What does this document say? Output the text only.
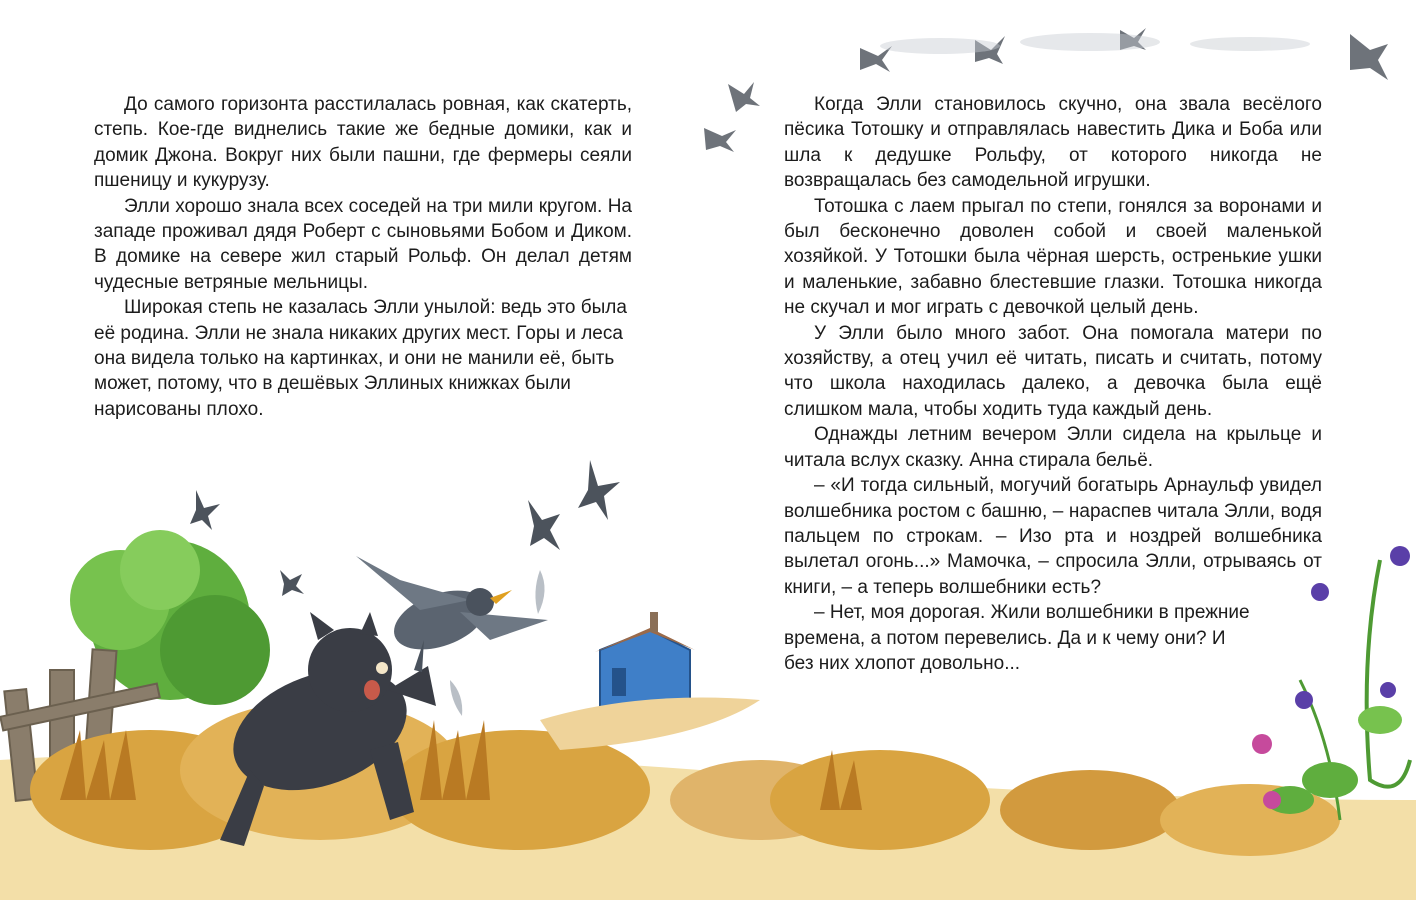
До самого горизонта расстилалась ровная, как скатерть, степь. Кое-где виднелись такие же бедные домики, как и домик Джона. Вокруг них были пашни, где фермеры сеяли пшеницу и кукурузу.

Элли хорошо знала всех соседей на три мили кругом. На западе проживал дядя Роберт с сыновьями Бобом и Диком. В домике на севере жил старый Рольф. Он делал детям чудесные ветряные мельницы.

Широкая степь не казалась Элли унылой: ведь это была её родина. Элли не знала никаких других мест. Горы и леса она видела только на картинках, и они не манили её, быть может, потому, что в дешёвых Эллиных книжках были нарисованы плохо.

Когда Элли становилось скучно, она звала весёлого пёсика Тотошку и отправлялась навестить Дика и Боба или шла к дедушке Рольфу, от которого никогда не возвращалась без самодельной игрушки.

Тотошка с лаем прыгал по степи, гонялся за воронами и был бесконечно доволен собой и своей маленькой хозяйкой. У Тотошки была чёрная шерсть, остренькие ушки и маленькие, забавно блестевшие глазки. Тотошка никогда не скучал и мог играть с девочкой целый день.

У Элли было много забот. Она помогала матери по хозяйству, а отец учил её читать, писать и считать, потому что школа находилась далеко, а девочка была ещё слишком мала, чтобы ходить туда каждый день.

Однажды летним вечером Элли сидела на крыльце и читала вслух сказку. Анна стирала бельё.

– «И тогда сильный, могучий богатырь Арнаульф увидел волшебника ростом с башню, – нараспев читала Элли, водя пальцем по строкам. – Изо рта и ноздрей волшебника вылетал огонь...» Мамочка, – спросила Элли, отрываясь от книги, – а теперь волшебники есть?

– Нет, моя дорогая. Жили волшебники в прежние времена, а потом перевелись. Да и к чему они? И без них хлопот довольно...
